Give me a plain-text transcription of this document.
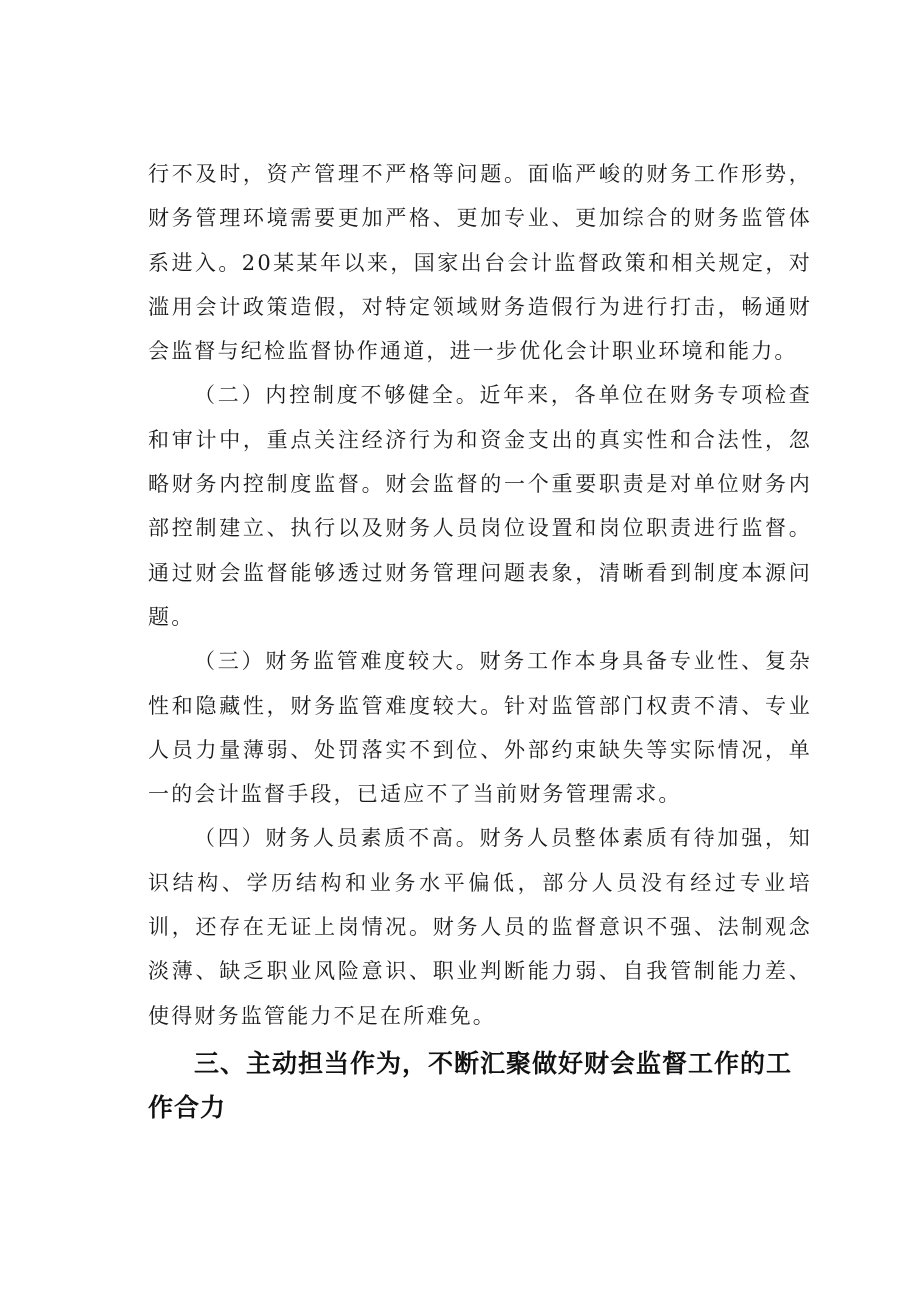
行不及时，资产管理不严格等问题。面临严峻的财务工作形势，财务管理环境需要更加严格、更加专业、更加综合的财务监管体系进入。20某某年以来，国家出台会计监督政策和相关规定，对滥用会计政策造假，对特定领域财务造假行为进行打击，畅通财会监督与纪检监督协作通道，进一步优化会计职业环境和能力。

（二）内控制度不够健全。近年来，各单位在财务专项检查和审计中，重点关注经济行为和资金支出的真实性和合法性，忽略财务内控制度监督。财会监督的一个重要职责是对单位财务内部控制建立、执行以及财务人员岗位设置和岗位职责进行监督。通过财会监督能够透过财务管理问题表象，清晰看到制度本源问题。

（三）财务监管难度较大。财务工作本身具备专业性、复杂性和隐藏性，财务监管难度较大。针对监管部门权责不清、专业人员力量薄弱、处罚落实不到位、外部约束缺失等实际情况，单一的会计监督手段，已适应不了当前财务管理需求。

（四）财务人员素质不高。财务人员整体素质有待加强，知识结构、学历结构和业务水平偏低，部分人员没有经过专业培训，还存在无证上岗情况。财务人员的监督意识不强、法制观念淡薄、缺乏职业风险意识、职业判断能力弱、自我管制能力差、使得财务监管能力不足在所难免。

三、主动担当作为，不断汇聚做好财会监督工作的工作合力
